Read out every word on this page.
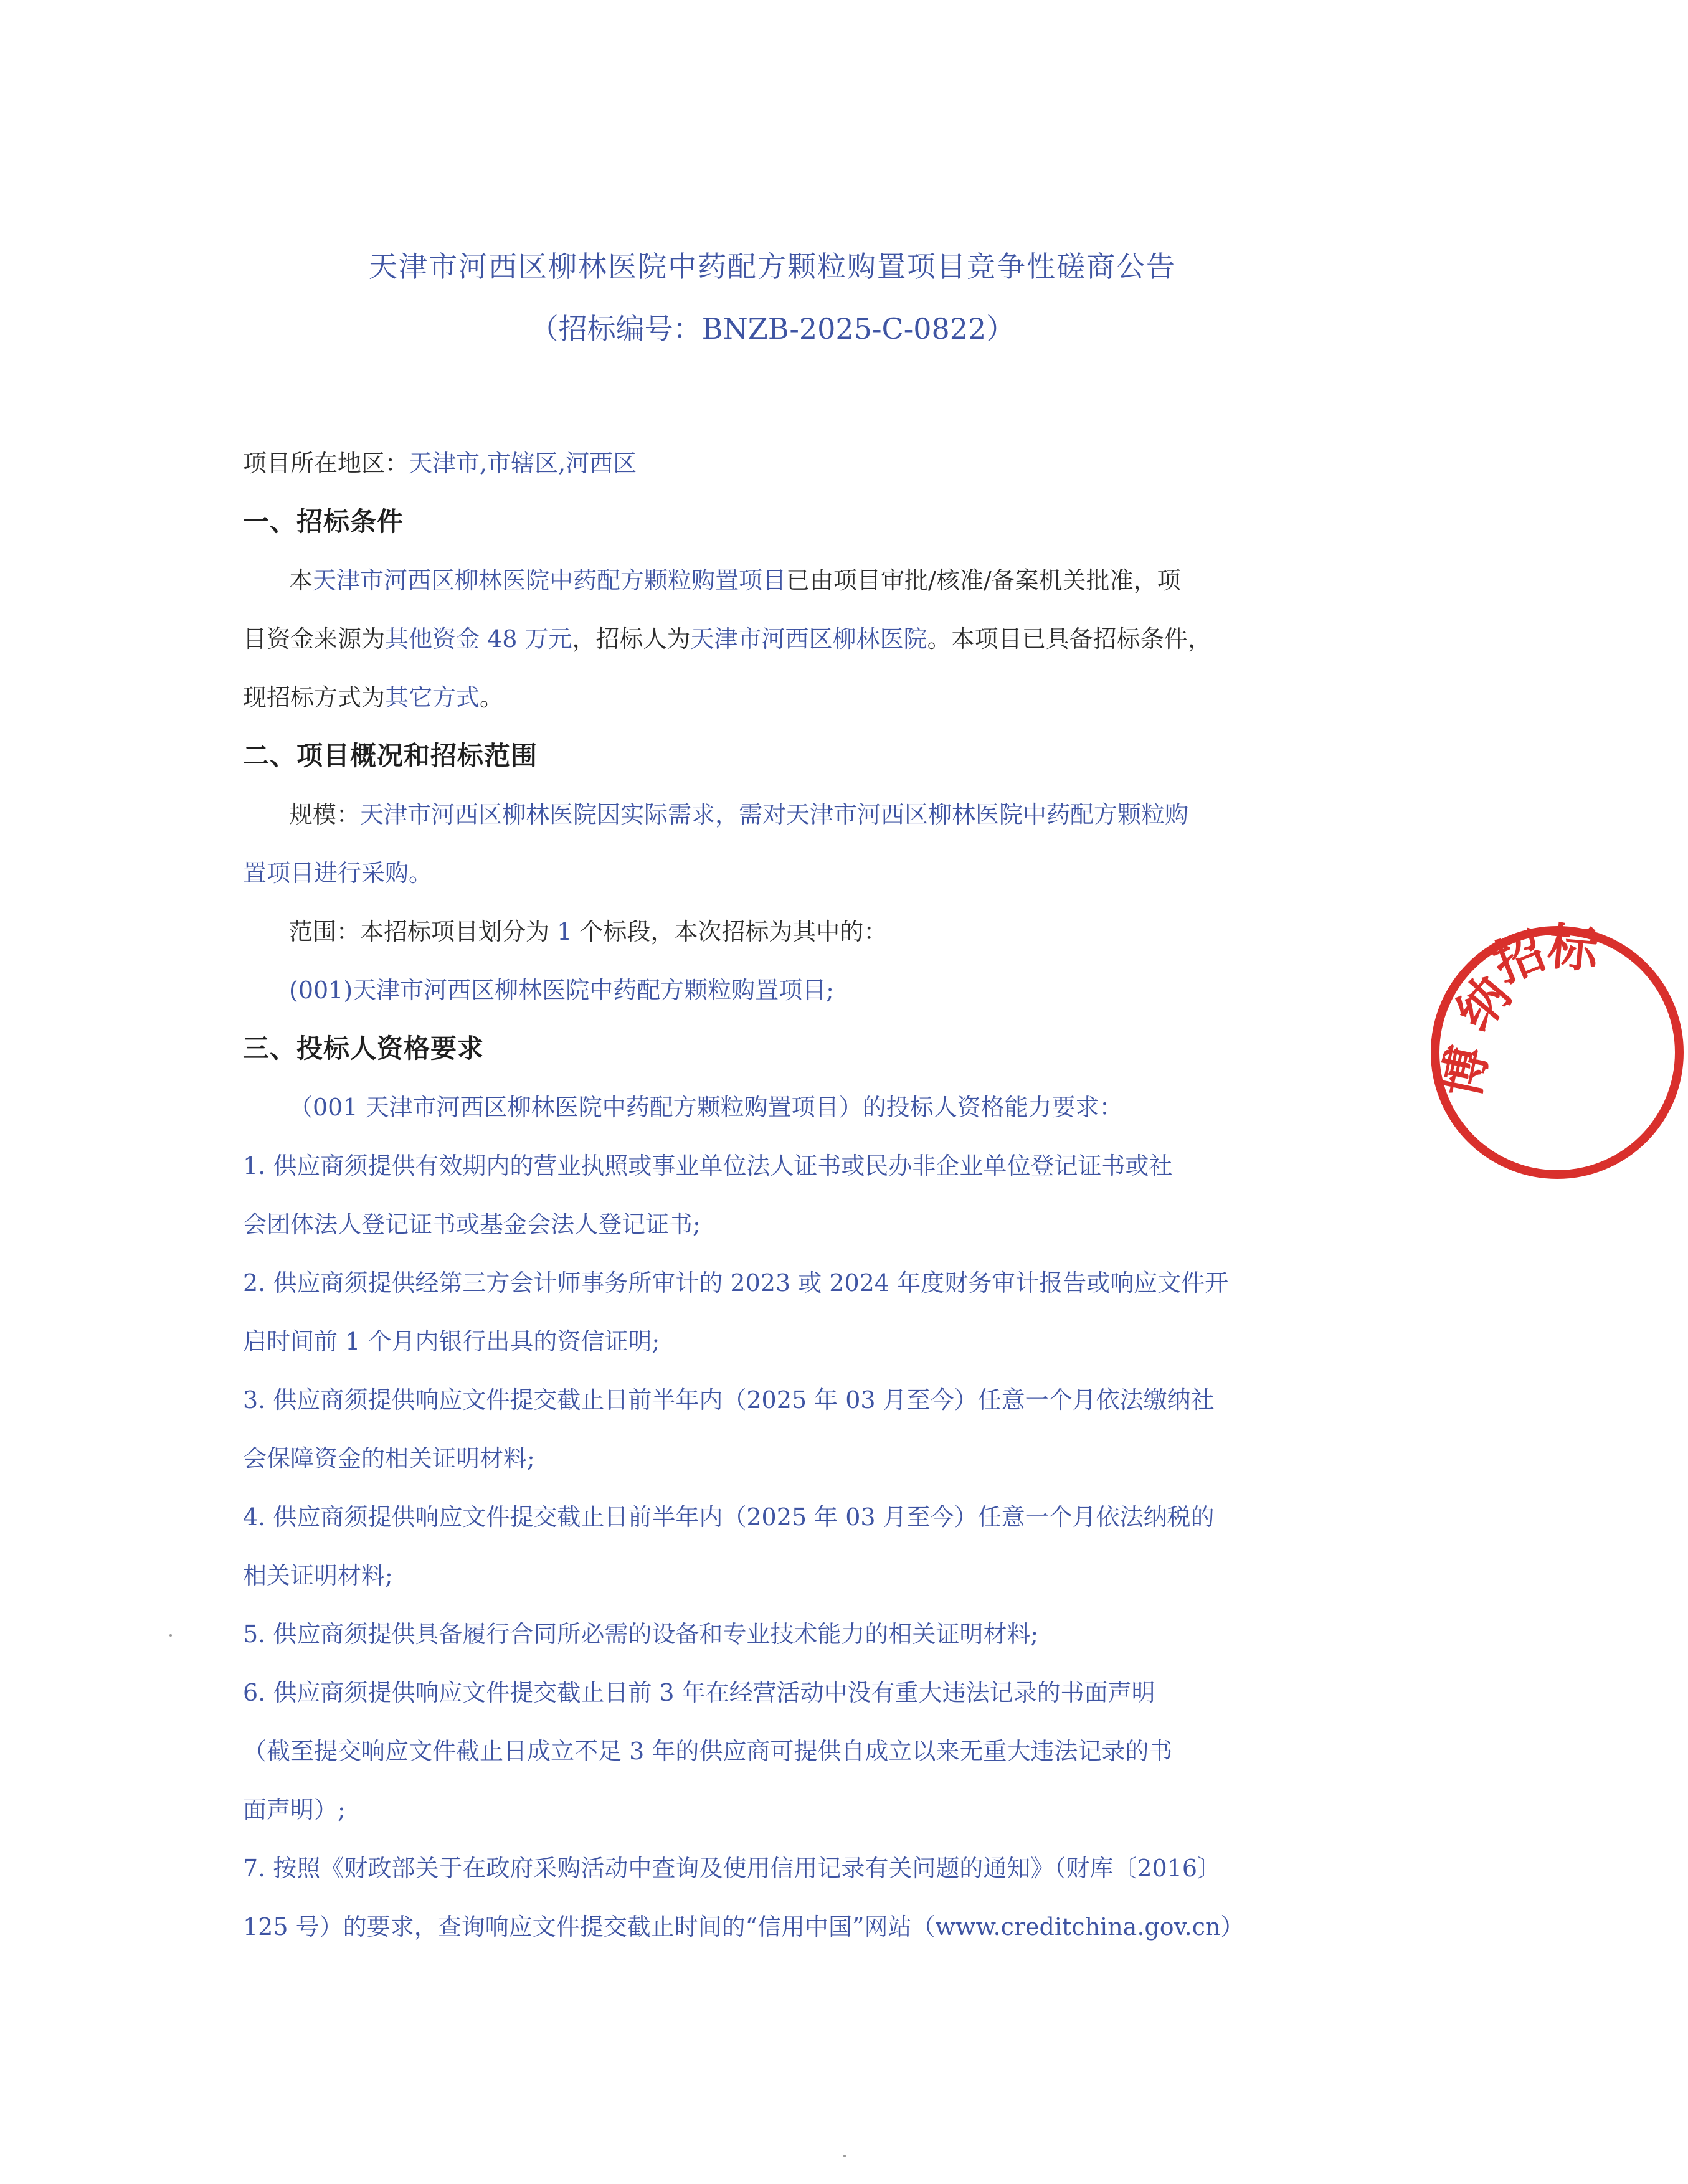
天津市河西区柳林医院中药配方颗粒购置项目竞争性磋商公告
（招标编号：BNZB-2025-C-0822）
项目所在地区：天津市,市辖区,河西区
一、招标条件
本天津市河西区柳林医院中药配方颗粒购置项目已由项目审批/核准/备案机关批准，项
目资金来源为其他资金 48 万元，招标人为天津市河西区柳林医院。本项目已具备招标条件，
现招标方式为其它方式。
二、项目概况和招标范围
规模：天津市河西区柳林医院因实际需求，需对天津市河西区柳林医院中药配方颗粒购
置项目进行采购。
范围：本招标项目划分为 1 个标段，本次招标为其中的：
(001)天津市河西区柳林医院中药配方颗粒购置项目;
三、投标人资格要求
（001 天津市河西区柳林医院中药配方颗粒购置项目）的投标人资格能力要求：
1. 供应商须提供有效期内的营业执照或事业单位法人证书或民办非企业单位登记证书或社
会团体法人登记证书或基金会法人登记证书;
2. 供应商须提供经第三方会计师事务所审计的 2023 或 2024 年度财务审计报告或响应文件开
启时间前 1 个月内银行出具的资信证明;
3. 供应商须提供响应文件提交截止日前半年内（2025 年 03 月至今）任意一个月依法缴纳社
会保障资金的相关证明材料;
4. 供应商须提供响应文件提交截止日前半年内（2025 年 03 月至今）任意一个月依法纳税的
相关证明材料;
5. 供应商须提供具备履行合同所必需的设备和专业技术能力的相关证明材料;
6. 供应商须提供响应文件提交截止日前 3 年在经营活动中没有重大违法记录的书面声明
（截至提交响应文件截止日成立不足 3 年的供应商可提供自成立以来无重大违法记录的书
面声明）;
7. 按照《财政部关于在政府采购活动中查询及使用信用记录有关问题的通知》（财库〔2016〕
125 号）的要求，查询响应文件提交截止时间的“信用中国”网站（www.creditchina.gov.cn）
博
纳
招
标
